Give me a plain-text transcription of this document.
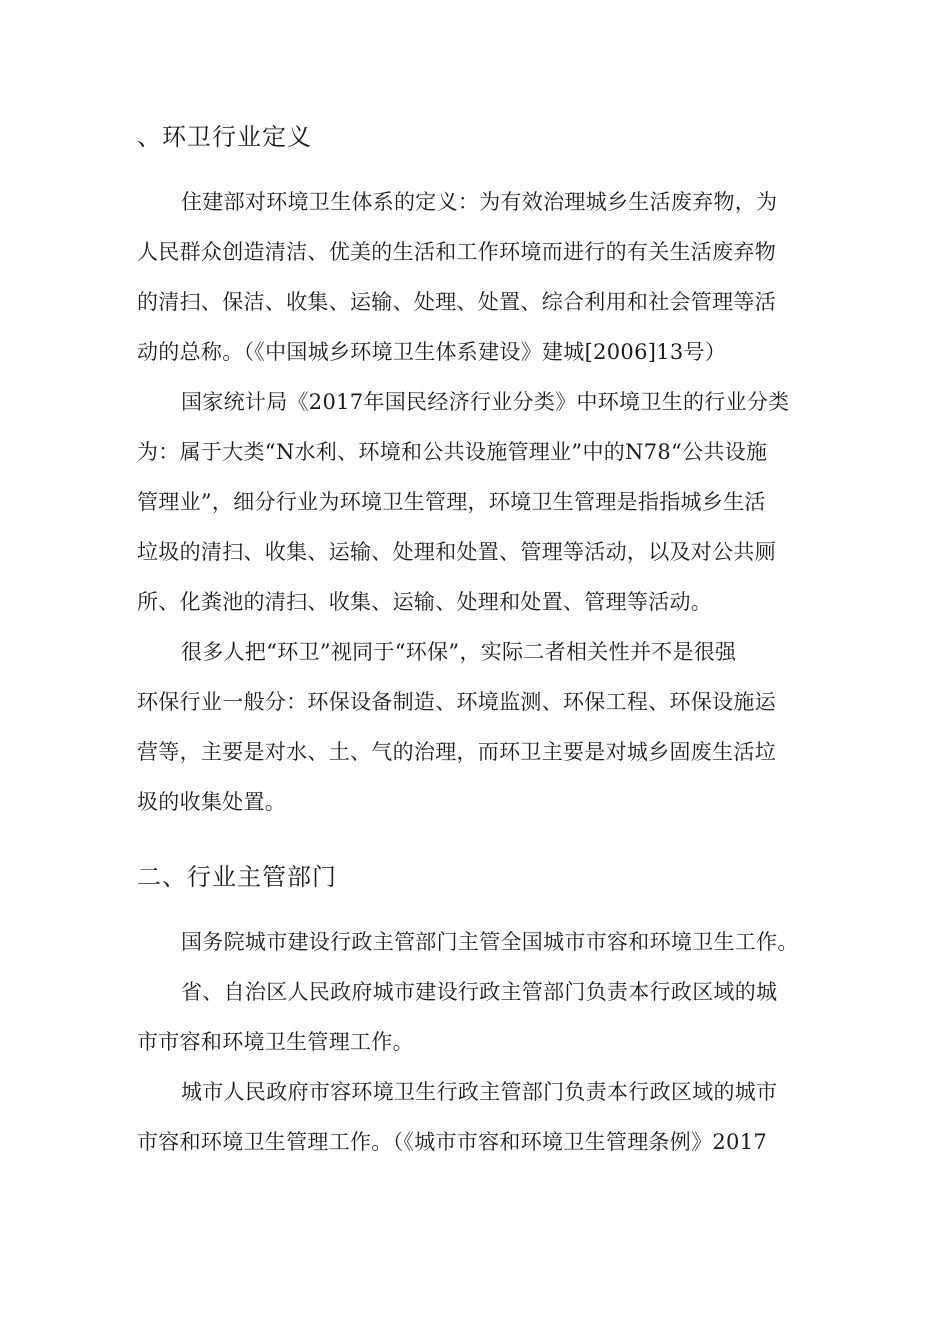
、环卫行业定义

住建部对环境卫生体系的定义：为有效治理城乡生活废弃物，为

人民群众创造清洁、优美的生活和工作环境而进行的有关生活废弃物

的清扫、保洁、收集、运输、处理、处置、综合利用和社会管理等活

动的总称。（《中国城乡环境卫生体系建设》建城[2006]13号）

国家统计局《2017年国民经济行业分类》中环境卫生的行业分类

为：属于大类“N水利、环境和公共设施管理业”中的N78“公共设施

管理业”，细分行业为环境卫生管理，环境卫生管理是指指城乡生活

垃圾的清扫、收集、运输、处理和处置、管理等活动，以及对公共厕

所、化粪池的清扫、收集、运输、处理和处置、管理等活动。

很多人把“环卫”视同于“环保”，实际二者相关性并不是很强

环保行业一般分：环保设备制造、环境监测、环保工程、环保设施运

营等，主要是对水、土、气的治理，而环卫主要是对城乡固废生活垃

圾的收集处置。

二、行业主管部门

国务院城市建设行政主管部门主管全国城市市容和环境卫生工作。

省、自治区人民政府城市建设行政主管部门负责本行政区域的城

市市容和环境卫生管理工作。

城市人民政府市容环境卫生行政主管部门负责本行政区域的城市

市容和环境卫生管理工作。（《城市市容和环境卫生管理条例》2017
